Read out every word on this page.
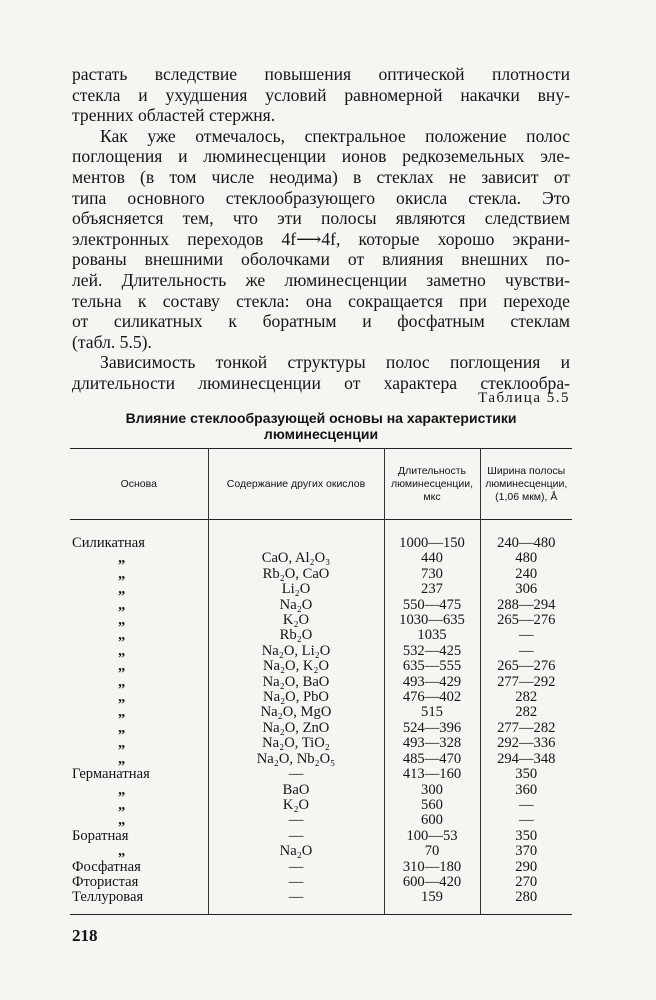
растать вследствие повышения оптической плотности
стекла и ухудшения условий равномерной накачки вну-
тренних областей стержня.

Как уже отмечалось, спектральное положение полос
поглощения и люминесценции ионов редкоземельных эле-
ментов (в том числе неодима) в стеклах не зависит от
типа основного стеклообразующего окисла стекла. Это
объясняется тем, что эти полосы являются следствием
электронных переходов 4f⟶4f, которые хорошо экрани-
рованы внешними оболочками от влияния внешних по-
лей. Длительность же люминесценции заметно чувстви-
тельна к составу стекла: она сокращается при переходе
от силикатных к боратным и фосфатным стеклам
(табл. 5.5).

Зависимость тонкой структуры полос поглощения и
длительности люминесценции от характера стеклообра-

Таблица 5.5
Влияние стеклообразующей основы на характеристики
люминесценции
Основа	Содержание других окислов	Длительность люминесценции, мкс	Ширина полосы люминесценции, (1,06 мкм), Å

Силикатная		1000—150	240—480
„	CaO, Al₂O₃	440	480
„	Rb₂O, CaO	730	240
„	Li₂O	237	306
„	Na₂O	550—475	288—294
„	K₂O	1030—635	265—276
„	Rb₂O	1035	—
„	Na₂O, Li₂O	532—425	—
„	Na₂O, K₂O	635—555	265—276
„	Na₂O, BaO	493—429	277—292
„	Na₂O, PbO	476—402	282
„	Na₂O, MgO	515	282
„	Na₂O, ZnO	524—396	277—282
„	Na₂O, TiO₂	493—328	292—336
„	Na₂O, Nb₂O₅	485—470	294—348
Германатная	—	413—160	350
„	BaO	300	360
„	K₂O	560	—
„	—	600	—
Боратная	—	100—53	350
„	Na₂O	70	370
Фосфатная	—	310—180	290
Фтористая	—	600—420	270
Теллуровая	—	159	280
218
